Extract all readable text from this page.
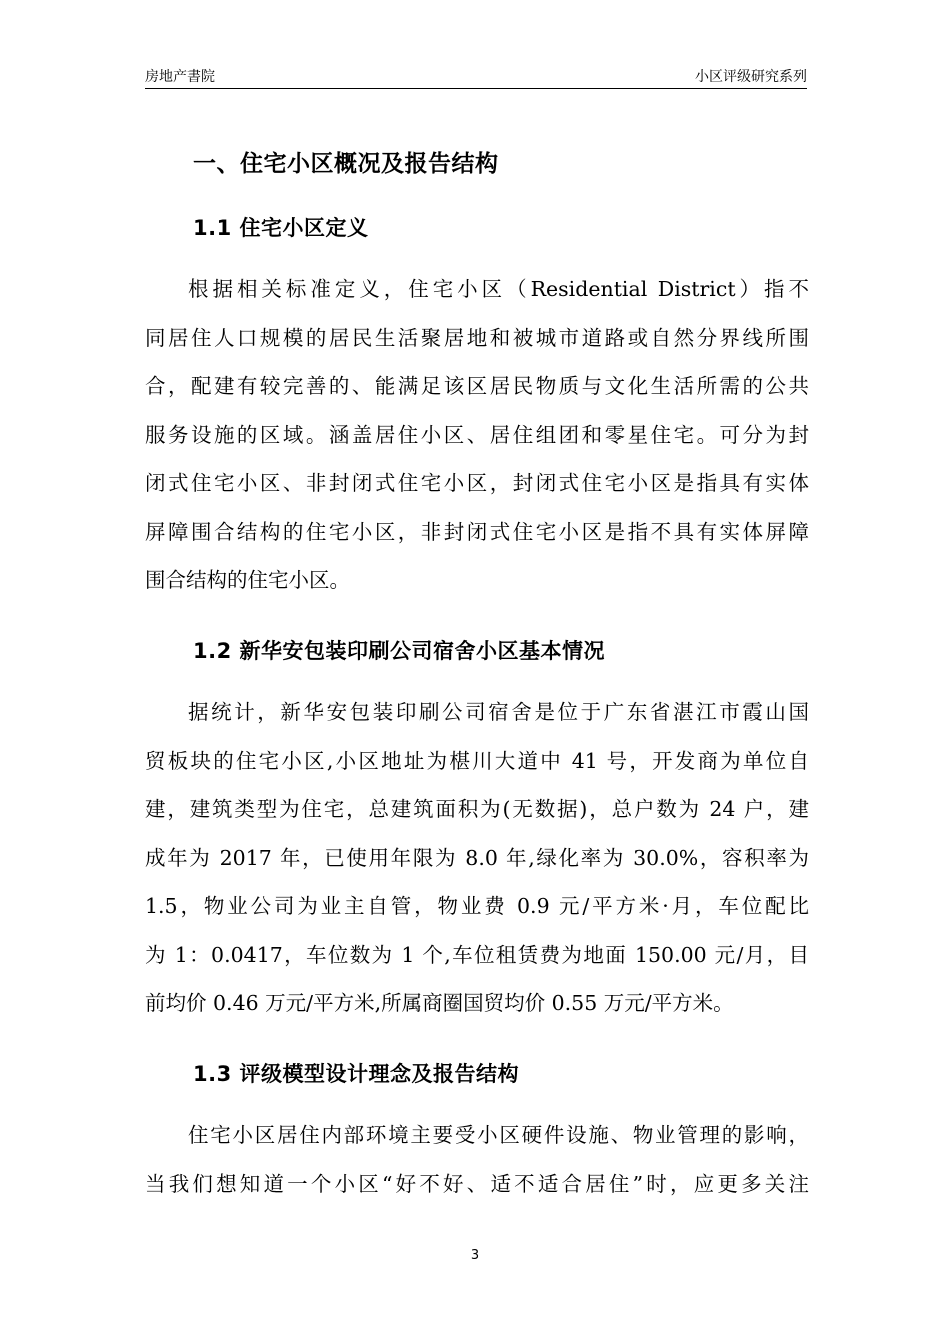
房地产書院	小区评级研究系列
一、住宅小区概况及报告结构
1.1 住宅小区定义
根据相关标准定义，住宅小区（Residential District）指不
同居住人口规模的居民生活聚居地和被城市道路或自然分界线所围
合，配建有较完善的、能满足该区居民物质与文化生活所需的公共
服务设施的区域。涵盖居住小区、居住组团和零星住宅。可分为封
闭式住宅小区、非封闭式住宅小区，封闭式住宅小区是指具有实体
屏障围合结构的住宅小区，非封闭式住宅小区是指不具有实体屏障
围合结构的住宅小区。
1.2 新华安包装印刷公司宿舍小区基本情况
据统计，新华安包装印刷公司宿舍是位于广东省湛江市霞山国
贸板块的住宅小区,小区地址为椹川大道中 41 号，开发商为单位自
建，建筑类型为住宅，总建筑面积为(无数据)，总户数为 24 户，建
成年为 2017 年，已使用年限为 8.0 年,绿化率为 30.0%，容积率为
1.5，物业公司为业主自管，物业费 0.9 元/平方米·月，车位配比
为 1：0.0417，车位数为 1 个,车位租赁费为地面 150.00 元/月，目
前均价 0.46 万元/平方米,所属商圈国贸均价 0.55 万元/平方米。
1.3 评级模型设计理念及报告结构
住宅小区居住内部环境主要受小区硬件设施、物业管理的影响，
当我们想知道一个小区“好不好、适不适合居住”时，应更多关注
3
